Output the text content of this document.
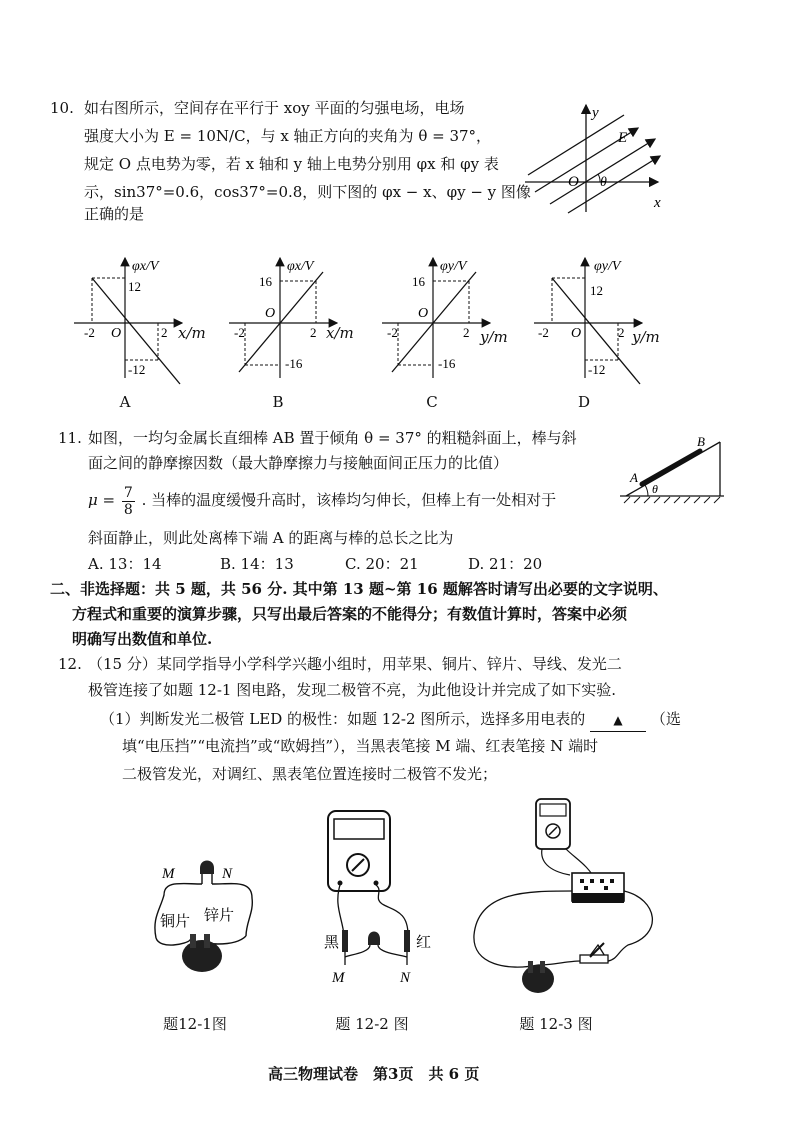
10. 如右图所示，空间存在平行于 xoy 平面的匀强电场，电场
强度大小为 E = 10N/C，与 x 轴正方向的夹角为 θ = 37°，
规定 O 点电势为零，若 x 轴和 y 轴上电势分别用 φx 和 φy 表
示，sin37°=0.6，cos37°=0.8，则下图的 φx − x、φy − y 图像
正确的是
x
y
E
O θ
φx/V
12
-2 O	2
-12
x/m
A
φx/V
16
-2
O
2
-16
x/m
B
φy/V
16
-2
O
2
-16
y/m
C
φy/V
12
-2 O	2
-12
y/m
D
11. 如图，一均匀金属长直细棒 AB 置于倾角 θ = 37° 的粗糙斜面上，棒与斜
面之间的静摩擦因数（最大静摩擦力与接触面间正压力的比值）
$\mu = \frac{7}{8}$ . 当棒的温度缓慢升高时，该棒均匀伸长，但棒上有一处相对于
斜面静止，则此处离棒下端 A 的距离与棒的总长之比为
A. 13：14	B. 14：13	C. 20：21	D. 21：20
A
B
θ
二、非选择题：共 5 题，共 56 分. 其中第 13 题~第 16 题解答时请写出必要的文字说明、
方程式和重要的演算步骤，只写出最后答案的不能得分；有数值计算时，答案中必须
明确写出数值和单位.
12. （15 分）某同学指导小学科学兴趣小组时，用苹果、铜片、锌片、导线、发光二
极管连接了如题 12-1 图电路，发现二极管不亮，为此他设计并完成了如下实验.
（1）判断发光二极管 LED 的极性：如题 12-2 图所示，选择多用电表的 ▲ （选
填“电压挡”“电流挡”或“欧姆挡”），当黑表笔接 M 端、红表笔接 N 端时
二极管发光，对调红、黑表笔位置连接时二极管不发光；
M	N
铜片 锌片
题12-1图
黑	红
M	N
题 12-2 图	题 12-3 图
高三物理试卷　第3页　共 6 页
